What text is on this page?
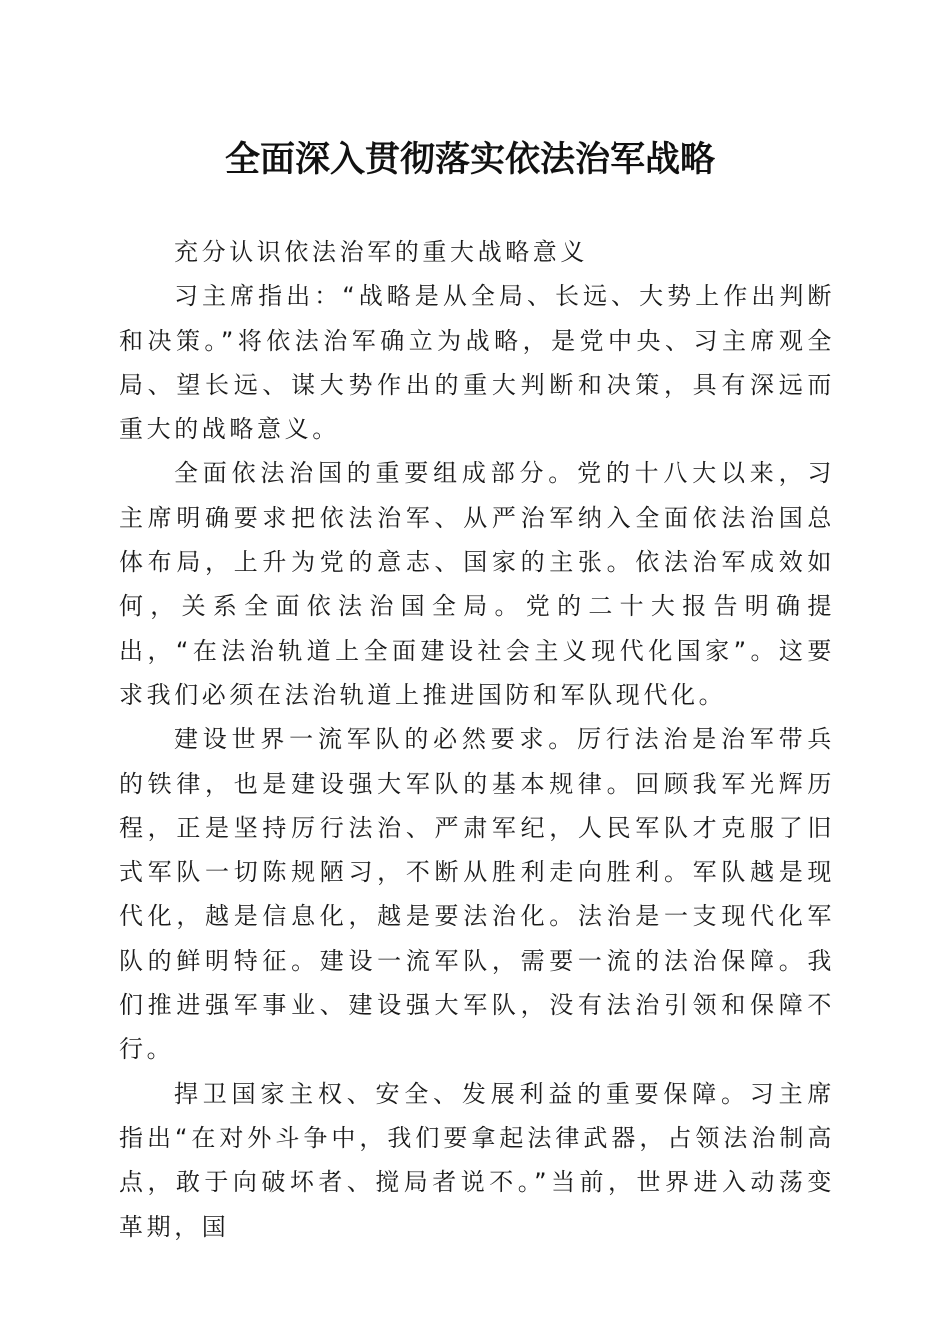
全面深入贯彻落实依法治军战略

充分认识依法治军的重大战略意义

习主席指出：“战略是从全局、长远、大势上作出判断和决策。”将依法治军确立为战略，是党中央、习主席观全局、望长远、谋大势作出的重大判断和决策，具有深远而重大的战略意义。

全面依法治国的重要组成部分。党的十八大以来，习主席明确要求把依法治军、从严治军纳入全面依法治国总体布局，上升为党的意志、国家的主张。依法治军成效如何，关系全面依法治国全局。党的二十大报告明确提出，“在法治轨道上全面建设社会主义现代化国家”。这要求我们必须在法治轨道上推进国防和军队现代化。

建设世界一流军队的必然要求。厉行法治是治军带兵的铁律，也是建设强大军队的基本规律。回顾我军光辉历程，正是坚持厉行法治、严肃军纪，人民军队才克服了旧式军队一切陈规陋习，不断从胜利走向胜利。军队越是现代化，越是信息化，越是要法治化。法治是一支现代化军队的鲜明特征。建设一流军队，需要一流的法治保障。我们推进强军事业、建设强大军队，没有法治引领和保障不行。

捍卫国家主权、安全、发展利益的重要保障。习主席指出“在对外斗争中，我们要拿起法律武器，占领法治制高点，敢于向破坏者、搅局者说不。”当前，世界进入动荡变革期，国
